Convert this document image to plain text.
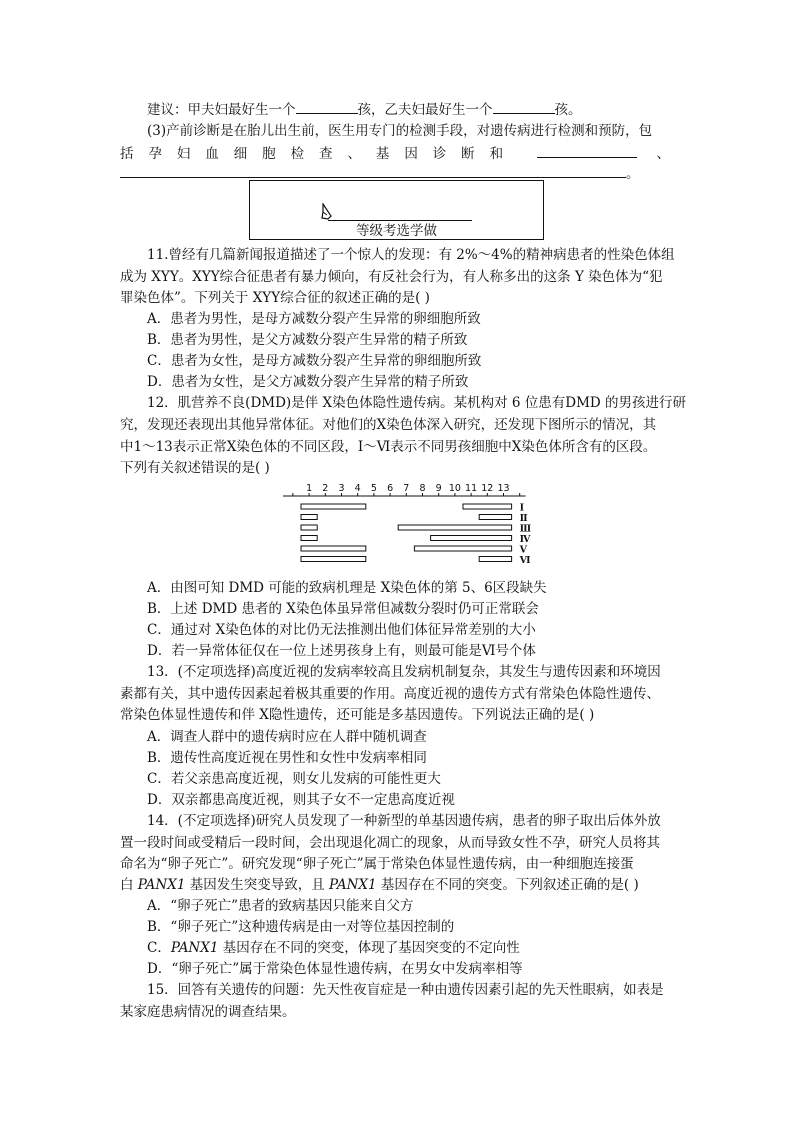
建议：甲夫妇最好生一个	孩，乙夫妇最好生一个	孩。
(3)产前诊断是在胎儿出生前，医生用专门的检测手段，对遗传病进行检测和预防，包
括孕妇血细胞检查、基因诊断和	、
。
等级考选学做
11.曾经有几篇新闻报道描述了一个惊人的发现：有 2%～4%的精神病患者的性染色体组
成为 XYY。XYY综合征患者有暴力倾向，有反社会行为，有人称多出的这条 Y 染色体为“犯
罪染色体”。下列关于 XYY综合征的叙述正确的是( )
A．患者为男性，是母方减数分裂产生异常的卵细胞所致
B．患者为男性，是父方减数分裂产生异常的精子所致
C．患者为女性，是母方减数分裂产生异常的卵细胞所致
D．患者为女性，是父方减数分裂产生异常的精子所致
12．肌营养不良(DMD)是伴 X染色体隐性遗传病。某机构对 6 位患有DMD 的男孩进行研
究，发现还表现出其他异常体征。对他们的X染色体深入研究，还发现下图所示的情况，其
中1～13表示正常X染色体的不同区段，Ⅰ～Ⅵ表示不同男孩细胞中X染色体所含有的区段。
下列有关叙述错误的是( )
1 2 3 4 5 6 7 8 9 10 11 12 13
Ⅰ
Ⅱ
Ⅲ
Ⅳ
Ⅴ
Ⅵ
A．由图可知 DMD 可能的致病机理是 X染色体的第 5、6区段缺失
B．上述 DMD 患者的 X染色体虽异常但减数分裂时仍可正常联会
C．通过对 X染色体的对比仍无法推测出他们体征异常差别的大小
D．若一异常体征仅在一位上述男孩身上有，则最可能是Ⅵ号个体
13．(不定项选择)高度近视的发病率较高且发病机制复杂，其发生与遗传因素和环境因
素都有关，其中遗传因素起着极其重要的作用。高度近视的遗传方式有常染色体隐性遗传、
常染色体显性遗传和伴 X隐性遗传，还可能是多基因遗传。下列说法正确的是( )
A．调查人群中的遗传病时应在人群中随机调查
B．遗传性高度近视在男性和女性中发病率相同
C．若父亲患高度近视，则女儿发病的可能性更大
D．双亲都患高度近视，则其子女不一定患高度近视
14．(不定项选择)研究人员发现了一种新型的单基因遗传病，患者的卵子取出后体外放
置一段时间或受精后一段时间，会出现退化凋亡的现象，从而导致女性不孕，研究人员将其
命名为“卵子死亡”。研究发现“卵子死亡”属于常染色体显性遗传病，由一种细胞连接蛋
白 PANX1 基因发生突变导致，且 PANX1 基因存在不同的突变。下列叙述正确的是( )
A．“卵子死亡”患者的致病基因只能来自父方
B．“卵子死亡”这种遗传病是由一对等位基因控制的
C．PANX1 基因存在不同的突变，体现了基因突变的不定向性
D．“卵子死亡”属于常染色体显性遗传病，在男女中发病率相等
15．回答有关遗传的问题：先天性夜盲症是一种由遗传因素引起的先天性眼病，如表是
某家庭患病情况的调查结果。
